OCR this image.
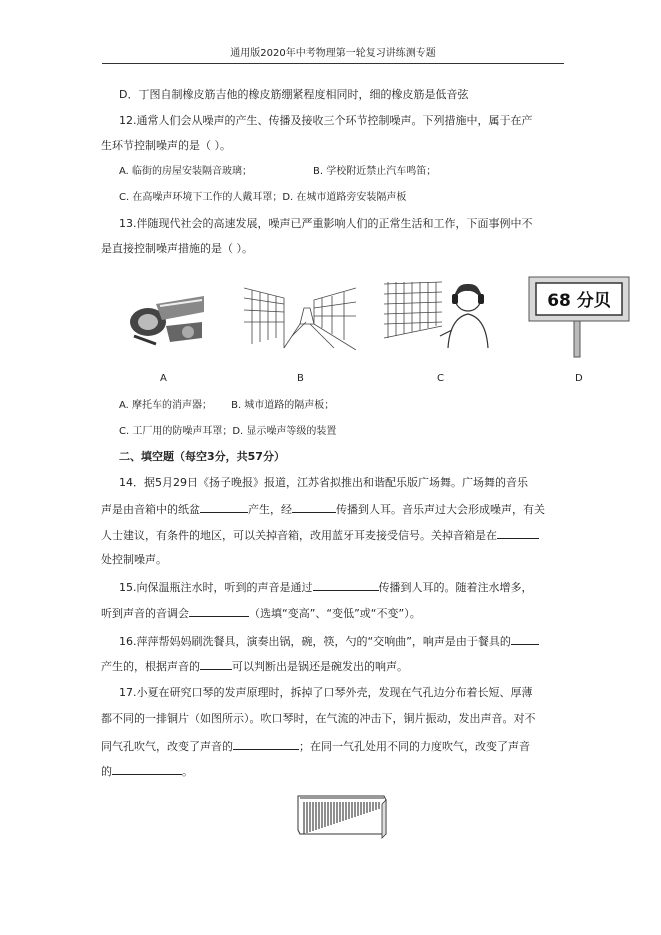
通用版2020年中考物理第一轮复习讲练测专题
D．丁图自制橡皮筋吉他的橡皮筋绷紧程度相同时，细的橡皮筋是低音弦
12.通常人们会从噪声的产生、传播及接收三个环节控制噪声。下列措施中，属于在产
生环节控制噪声的是（ ）。
A. 临街的房屋安装隔音玻璃；	B. 学校附近禁止汽车鸣笛；
C. 在高噪声环境下工作的人戴耳罩；D. 在城市道路旁安装隔声板
13.伴随现代社会的高速发展，噪声已严重影响人们的正常生活和工作，下面事例中不
是直接控制噪声措施的是（ ）。
68 分贝
A	B	C	D
A. 摩托车的消声器；      B. 城市道路的隔声板；
C. 工厂用的防噪声耳罩；D. 显示噪声等级的装置
二、填空题（每空3分，共57分）
14．据5月29日《扬子晚报》报道，江苏省拟推出和谐配乐版广场舞。广场舞的音乐
声是由音箱中的纸盆	产生，经	传播到人耳。音乐声过大会形成噪声，有关
人士建议，有条件的地区，可以关掉音箱，改用蓝牙耳麦接受信号。关掉音箱是在
处控制噪声。
15.向保温瓶注水时，听到的声音是通过	传播到人耳的。随着注水增多，
听到声音的音调会	（选填“变高”、“变低”或“不变”）。
16.萍萍帮妈妈刷洗餐具，演奏出锅，碗，筷，勺的“交响曲”，响声是由于餐具的
产生的，根据声音的	可以判断出是锅还是碗发出的响声。
17.小夏在研究口琴的发声原理时，拆掉了口琴外壳，发现在气孔边分布着长短、厚薄
都不同的一排铜片（如图所示）。吹口琴时，在气流的冲击下，铜片振动，发出声音。对不
同气孔吹气，改变了声音的	；在同一气孔处用不同的力度吹气，改变了声音
的	。
